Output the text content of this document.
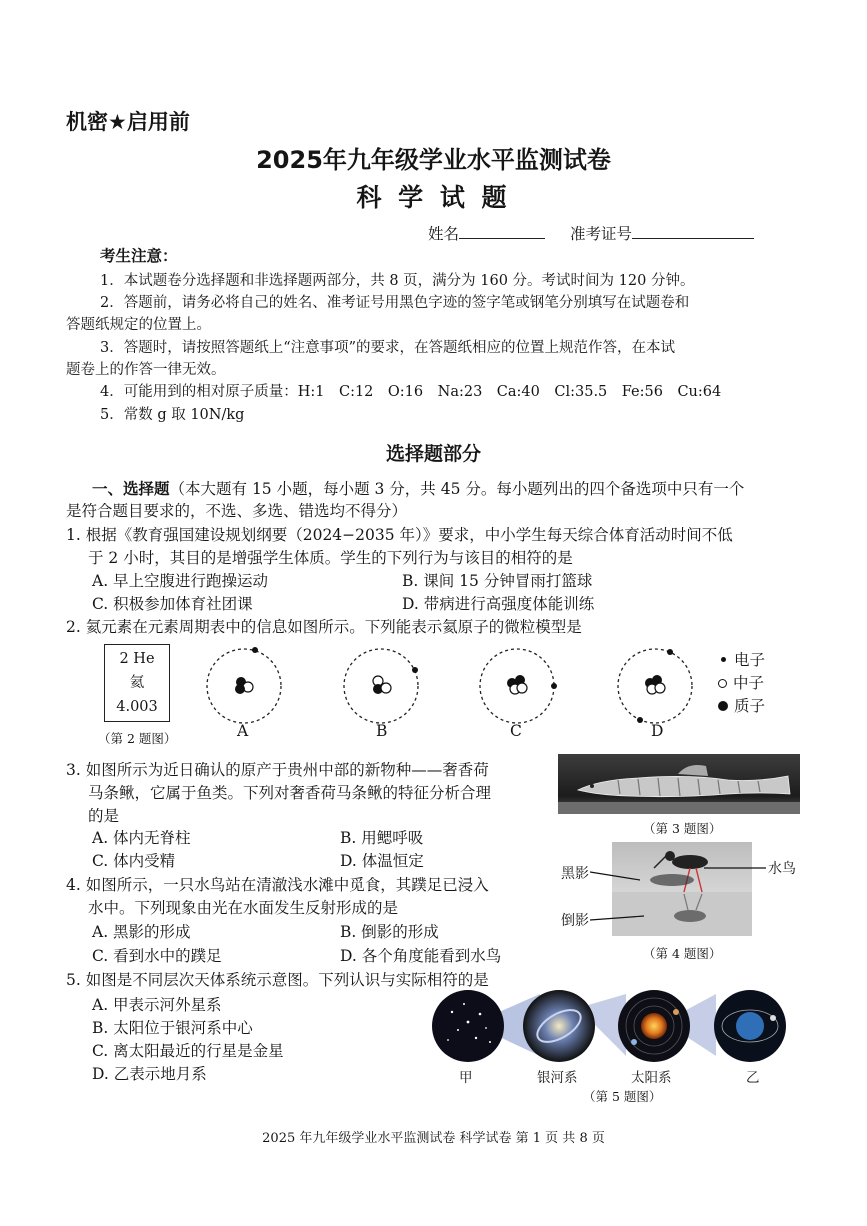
机密★启用前
2025年九年级学业水平监测试卷
科 学 试 题
姓名	准考证号
考生注意：
1．本试题卷分选择题和非选择题两部分，共 8 页，满分为 160 分。考试时间为 120 分钟。
2．答题前，请务必将自己的姓名、准考证号用黑色字迹的签字笔或钢笔分别填写在试题卷和
答题纸规定的位置上。
3．答题时，请按照答题纸上“注意事项”的要求，在答题纸相应的位置上规范作答，在本试
题卷上的作答一律无效。
4．可能用到的相对原子质量：H:1　C:12　O:16　Na:23　Ca:40　Cl:35.5　Fe:56　Cu:64
5．常数 g 取 10N/kg
选择题部分
一、选择题（本大题有 15 小题，每小题 3 分，共 45 分。每小题列出的四个备选项中只有一个
是符合题目要求的，不选、多选、错选均不得分）
1. 根据《教育强国建设规划纲要（2024−2035 年）》要求，中小学生每天综合体育活动时间不低
于 2 小时，其目的是增强学生体质。学生的下列行为与该目的相符的是
A. 早上空腹进行跑操运动	B. 课间 15 分钟冒雨打篮球
C. 积极参加体育社团课	D. 带病进行高强度体能训练
2. 氦元素在元素周期表中的信息如图所示。下列能表示氦原子的微粒模型是
2 He
氦
4.003
（第 2 题图）	A	B	C	D
电子
中子
质子
3. 如图所示为近日确认的原产于贵州中部的新物种——奢香荷
马条鳅，它属于鱼类。下列对奢香荷马条鳅的特征分析合理
的是
A. 体内无脊柱	B. 用鳃呼吸
C. 体内受精	D. 体温恒定
（第 3 题图）
4. 如图所示，一只水鸟站在清澈浅水滩中觅食，其蹼足已浸入
水中。下列现象由光在水面发生反射形成的是
A. 黑影的形成	B. 倒影的形成
C. 看到水中的蹼足	D. 各个角度能看到水鸟
黑影
倒影
水鸟
（第 4 题图）
5. 如图是不同层次天体系统示意图。下列认识与实际相符的是
A. 甲表示河外星系
B. 太阳位于银河系中心
C. 离太阳最近的行星是金星
D. 乙表示地月系	甲	银河系	太阳系	乙
（第 5 题图）
2025 年九年级学业水平监测试卷 科学试卷 第 1 页 共 8 页
